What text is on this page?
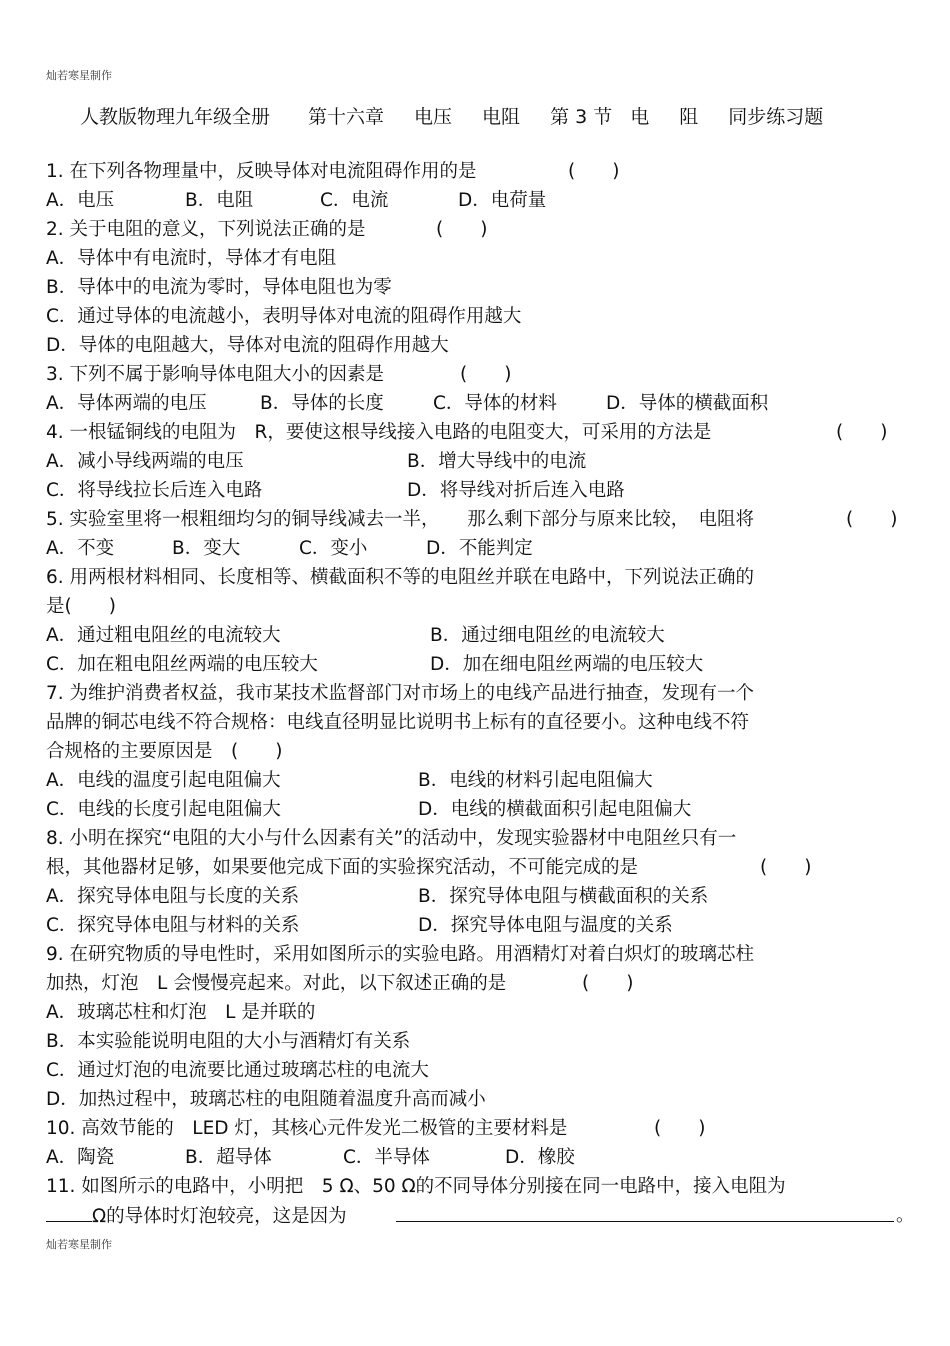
灿若寒星制作
人教版物理九年级全册 第十六章 电压 电阻 第 3 节 电 阻 同步练习题
1. 在下列各物理量中，反映导体对电流阻碍作用的是	(　　)
A．电压	B．电阻	C．电流	D．电荷量
2. 关于电阻的意义，下列说法正确的是	(　　)
A．导体中有电流时，导体才有电阻
B．导体中的电流为零时，导体电阻也为零
C．通过导体的电流越小，表明导体对电流的阻碍作用越大
D．导体的电阻越大，导体对电流的阻碍作用越大
3. 下列不属于影响导体电阻大小的因素是	(　　)
A．导体两端的电压	B．导体的长度	C．导体的材料	D．导体的横截面积
4. 一根锰铜线的电阻为　R，要使这根导线接入电路的电阻变大，可采用的方法是	(　　)
A．减小导线两端的电压	B．增大导线中的电流
C．将导线拉长后连入电路	D．将导线对折后连入电路
5. 实验室里将一根粗细均匀的铜导线减去一半，　　那么剩下部分与原来比较，　电阻将	(　　)
A．不变	B．变大	C．变小	D．不能判定
6. 用两根材料相同、长度相等、横截面积不等的电阻丝并联在电路中，下列说法正确的
是(　　)
A．通过粗电阻丝的电流较大	B．通过细电阻丝的电流较大
C．加在粗电阻丝两端的电压较大	D．加在细电阻丝两端的电压较大
7. 为维护消费者权益，我市某技术监督部门对市场上的电线产品进行抽查，发现有一个
品牌的铜芯电线不符合规格：电线直径明显比说明书上标有的直径要小。这种电线不符
合规格的主要原因是　(　　)
A．电线的温度引起电阻偏大	B．电线的材料引起电阻偏大
C．电线的长度引起电阻偏大	D．电线的横截面积引起电阻偏大
8. 小明在探究“电阻的大小与什么因素有关”的活动中，发现实验器材中电阻丝只有一
根，其他器材足够，如果要他完成下面的实验探究活动，不可能完成的是	(　　)
A．探究导体电阻与长度的关系	B．探究导体电阻与横截面积的关系
C．探究导体电阻与材料的关系	D．探究导体电阻与温度的关系
9. 在研究物质的导电性时，采用如图所示的实验电路。用酒精灯对着白炽灯的玻璃芯柱
加热，灯泡　L 会慢慢亮起来。对此，以下叙述正确的是	(　　)
A．玻璃芯柱和灯泡　L 是并联的
B．本实验能说明电阻的大小与酒精灯有关系
C．通过灯泡的电流要比通过玻璃芯柱的电流大
D．加热过程中，玻璃芯柱的电阻随着温度升高而减小
10. 高效节能的　LED 灯，其核心元件发光二极管的主要材料是	(　　)
A．陶瓷	B．超导体	C．半导体	D．橡胶
11. 如图所示的电路中，小明把　5 Ω、50 Ω的不同导体分别接在同一电路中，接入电阻为
Ω的导体时灯泡较亮，这是因为	。
灿若寒星制作
